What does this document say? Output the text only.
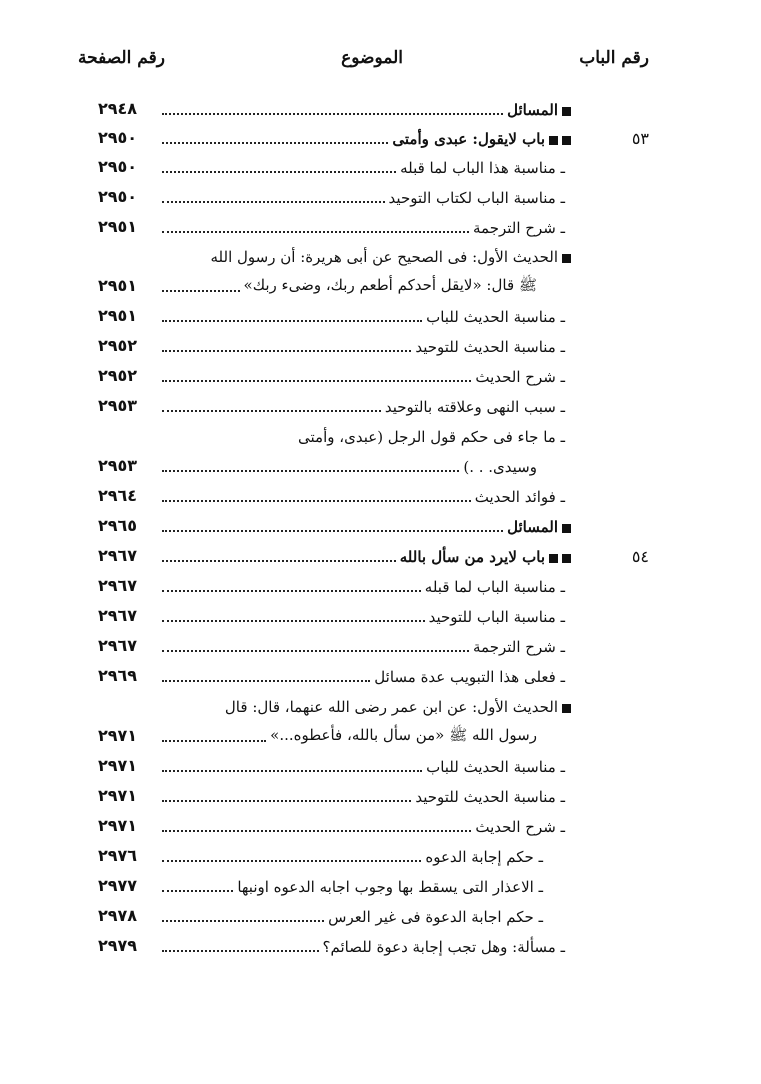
رقم الباب
الموضوع
رقم الصفحة
المسائل
٢٩٤٨
٥٣
باب لايقول: عبدى وأمتى
٢٩٥٠
ـ مناسبة هذا الباب لما قبله
٢٩٥٠
ـ مناسبة الباب لكتاب التوحيد
٢٩٥٠
ـ شرح الترجمة
٢٩٥١
الحديث الأول: فى الصحيح عن أبى هريرة: أن رسول الله
ﷺ قال: «لايقل أحدكم أطعم ربك، وضىء ربك»
٢٩٥١
ـ مناسبة الحديث للباب
٢٩٥١
ـ مناسبة الحديث للتوحيد
٢٩٥٢
ـ شرح الحديث
٢٩٥٢
ـ سبب النهى وعلاقته بالتوحيد
٢٩٥٣
ـ ما جاء فى حكم قول الرجل (عبدى، وأمتى
وسيدى. . .)
٢٩٥٣
ـ فوائد الحديث
٢٩٦٤
المسائل
٢٩٦٥
٥٤
باب لايرد من سأل بالله
٢٩٦٧
ـ مناسبة الباب لما قبله
٢٩٦٧
ـ مناسبة الباب للتوحيد
٢٩٦٧
ـ شرح الترجمة
٢٩٦٧
ـ فعلى هذا التبويب عدة مسائل
٢٩٦٩
الحديث الأول: عن ابن عمر رضى الله عنهما، قال: قال
رسول الله ﷺ «من سأل بالله، فأعطوه...»
٢٩٧١
ـ مناسبة الحديث للباب
٢٩٧١
ـ مناسبة الحديث للتوحيد
٢٩٧١
ـ شرح الحديث
٢٩٧١
ـ حكم إجابة الدعوه
٢٩٧٦
ـ الاعذار التى يسقط بها وجوب اجابه الدعوه اونبها
٢٩٧٧
ـ حكم اجابة الدعوة فى غير العرس
٢٩٧٨
ـ مسألة: وهل تجب إجابة دعوة للصائم؟
٢٩٧٩
